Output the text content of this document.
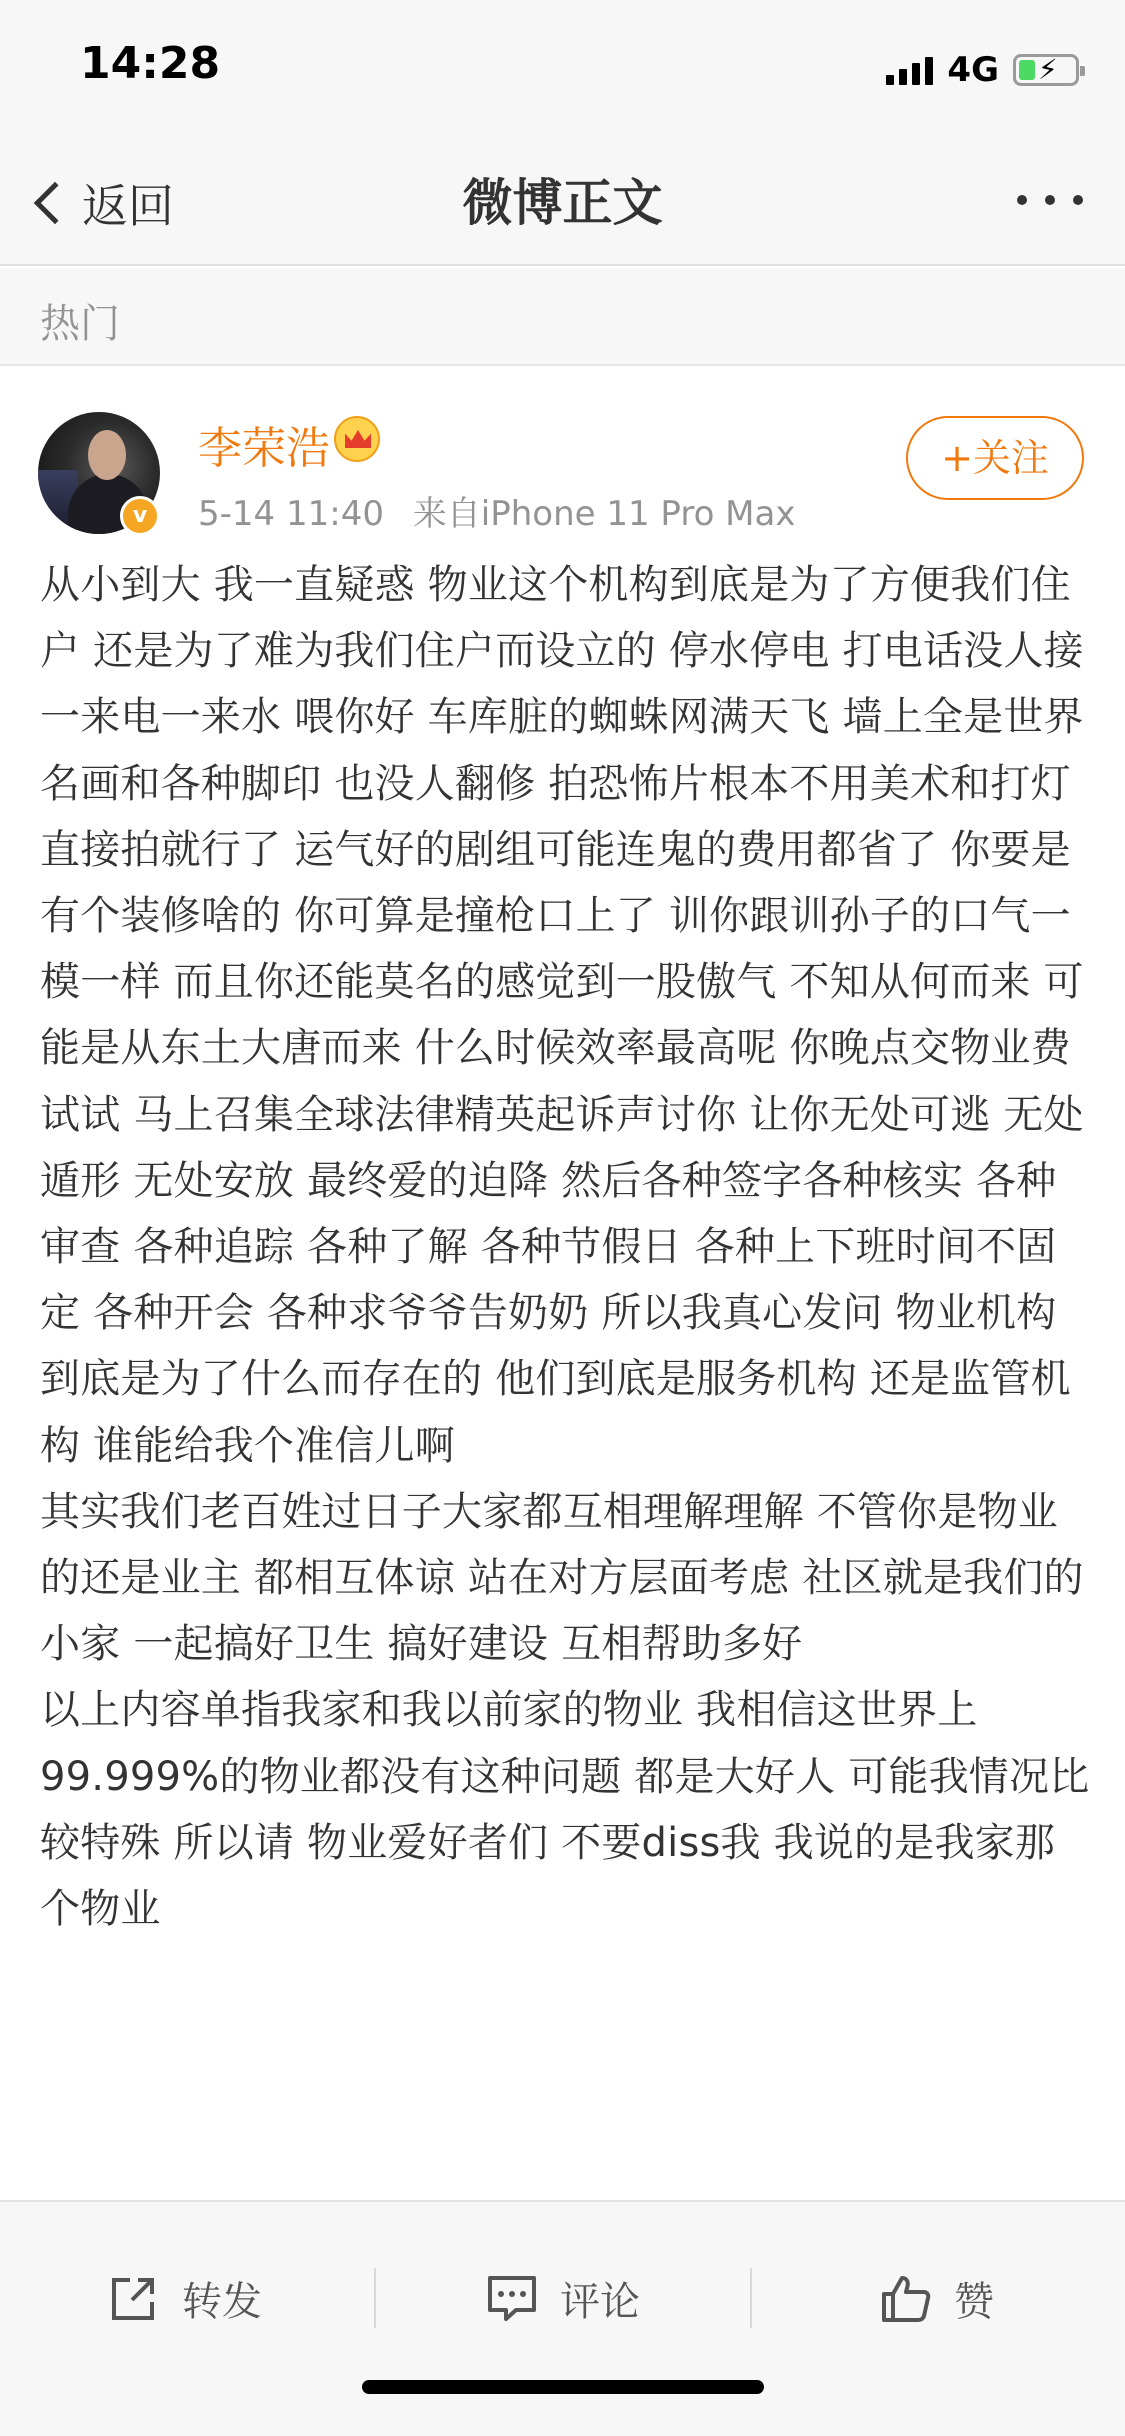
14:28	4G ⚡
返回	微博正文
热门
v
李荣浩
5-14 11:40 来自iPhone 11 Pro Max
+关注
从小到大 我一直疑惑 物业这个机构到底是为了方便我们住户 还是为了难为我们住户而设立的 停水停电 打电话没人接 一来电一来水 喂你好 车库脏的蜘蛛网满天飞 墙上全是世界名画和各种脚印 也没人翻修 拍恐怖片根本不用美术和打灯 直接拍就行了 运气好的剧组可能连鬼的费用都省了 你要是有个装修啥的 你可算是撞枪口上了 训你跟训孙子的口气一模一样 而且你还能莫名的感觉到一股傲气 不知从何而来 可能是从东土大唐而来 什么时候效率最高呢 你晚点交物业费试试 马上召集全球法律精英起诉声讨你 让你无处可逃 无处遁形 无处安放 最终爱的迫降 然后各种签字各种核实 各种审查 各种追踪 各种了解 各种节假日 各种上下班时间不固定 各种开会 各种求爷爷告奶奶 所以我真心发问 物业机构到底是为了什么而存在的 他们到底是服务机构 还是监管机构 谁能给我个准信儿啊
其实我们老百姓过日子大家都互相理解理解 不管你是物业的还是业主 都相互体谅 站在对方层面考虑 社区就是我们的小家 一起搞好卫生 搞好建设 互相帮助多好
以上内容单指我家和我以前家的物业 我相信这世界上99.999%的物业都没有这种问题 都是大好人 可能我情况比较特殊 所以请 物业爱好者们 不要diss我 我说的是我家那个物业
转发	评论	赞
